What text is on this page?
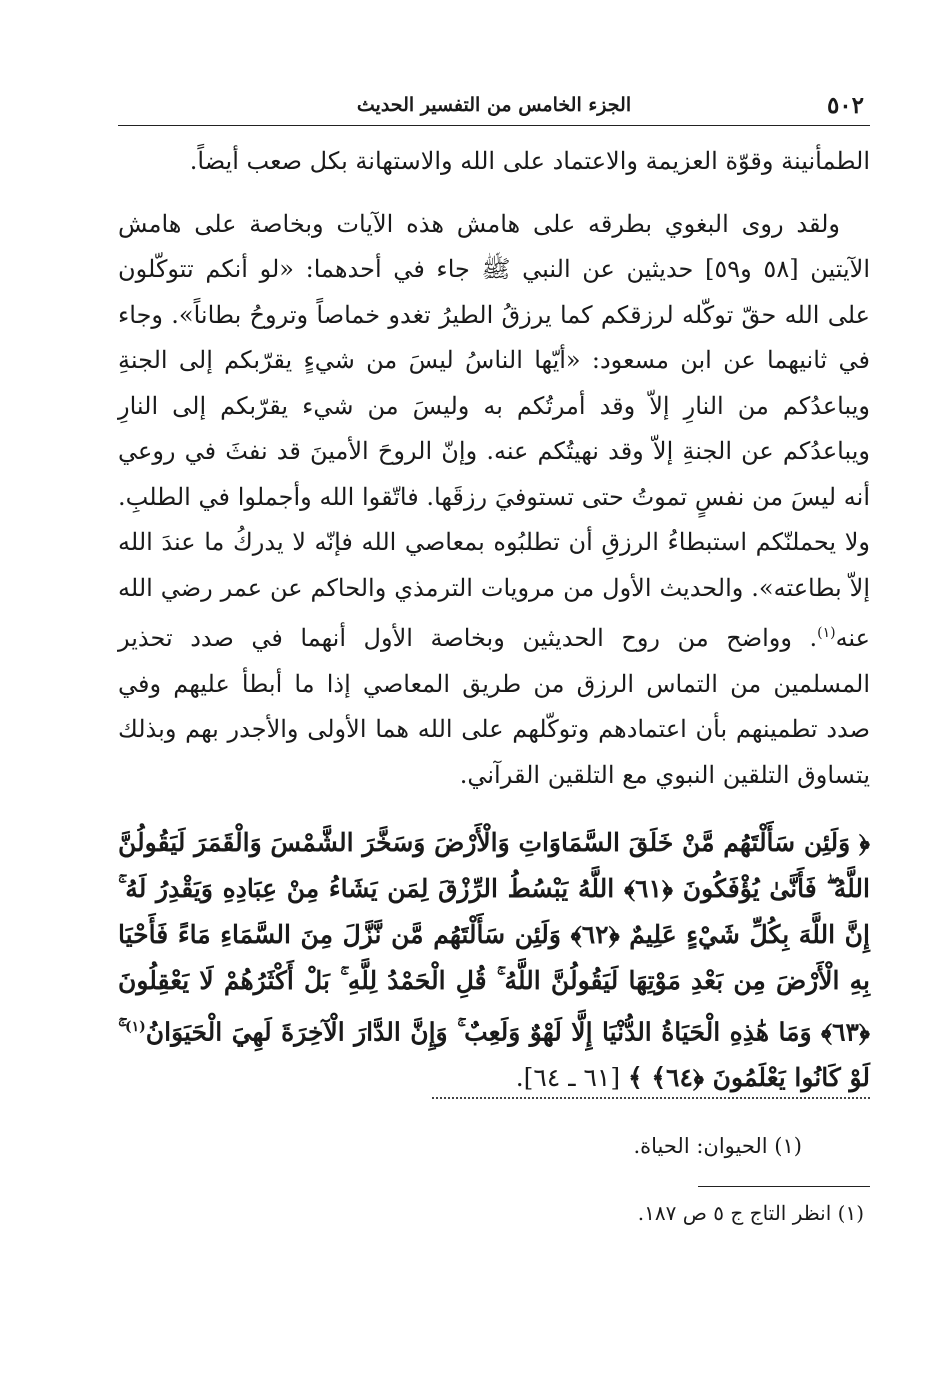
٥٠٢
الجزء الخامس من التفسير الحديث

الطمأنينة وقوّة العزيمة والاعتماد على الله والاستهانة بكل صعب أيضاً.

ولقد روى البغوي بطرقه على هامش هذه الآيات وبخاصة على هامش الآيتين [٥٨ و٥٩] حديثين عن النبي ﷺ جاء في أحدهما: «لو أنكم تتوكّلون على الله حقّ توكّله لرزقكم كما يرزقُ الطيرُ تغدو خماصاً وتروحُ بطاناً». وجاء في ثانيهما عن ابن مسعود: «أيّها الناسُ ليسَ من شيءٍ يقرّبكم إلى الجنةِ ويباعدُكم من النارِ إلاّ وقد أمرتُكم به وليسَ من شيء يقرّبكم إلى النارِ ويباعدُكم عن الجنةِ إلاّ وقد نهيتُكم عنه. وإنّ الروحَ الأمينَ قد نفثَ في روعي أنه ليسَ من نفسٍ تموتُ حتى تستوفيَ رزقَها. فاتّقوا الله وأجملوا في الطلبِ. ولا يحملنّكم استبطاءُ الرزقِ أن تطلبُوه بمعاصي الله فإنّه لا يدركُ ما عندَ الله إلاّ بطاعته». والحديث الأول من مرويات الترمذي والحاكم عن عمر رضي الله عنه$^{(١)}$. وواضح من روح الحديثين وبخاصة الأول أنهما في صدد تحذير المسلمين من التماس الرزق من طريق المعاصي إذا ما أبطأ عليهم وفي صدد تطمينهم بأن اعتمادهم وتوكّلهم على الله هما الأولى والأجدر بهم وبذلك يتساوق التلقين النبوي مع التلقين القرآني.

﴿ وَلَئِن سَأَلْتَهُم مَّنْ خَلَقَ السَّمَاوَاتِ وَالْأَرْضَ وَسَخَّرَ الشَّمْسَ وَالْقَمَرَ لَيَقُولُنَّ اللَّهُ ۖ فَأَنَّىٰ يُؤْفَكُونَ ﴿٦١﴾ اللَّهُ يَبْسُطُ الرِّزْقَ لِمَن يَشَاءُ مِنْ عِبَادِهِ وَيَقْدِرُ لَهُ ۚ إِنَّ اللَّهَ بِكُلِّ شَيْءٍ عَلِيمٌ ﴿٦٢﴾ وَلَئِن سَأَلْتَهُم مَّن نَّزَّلَ مِنَ السَّمَاءِ مَاءً فَأَحْيَا بِهِ الْأَرْضَ مِن بَعْدِ مَوْتِهَا لَيَقُولُنَّ اللَّهُ ۚ قُلِ الْحَمْدُ لِلَّهِ ۚ بَلْ أَكْثَرُهُمْ لَا يَعْقِلُونَ ﴿٦٣﴾ وَمَا هَٰذِهِ الْحَيَاةُ الدُّنْيَا إِلَّا لَهْوٌ وَلَعِبٌ ۚ وَإِنَّ الدَّارَ الْآخِرَةَ لَهِيَ الْحَيَوَانُ$^{(١)}$ ۚ لَوْ كَانُوا يَعْلَمُونَ ﴿٦٤﴾ ﴾ [٦١ ـ ٦٤].

(١) الحيوان: الحياة.
(١) انظر التاج ج ٥ ص ١٨٧.
